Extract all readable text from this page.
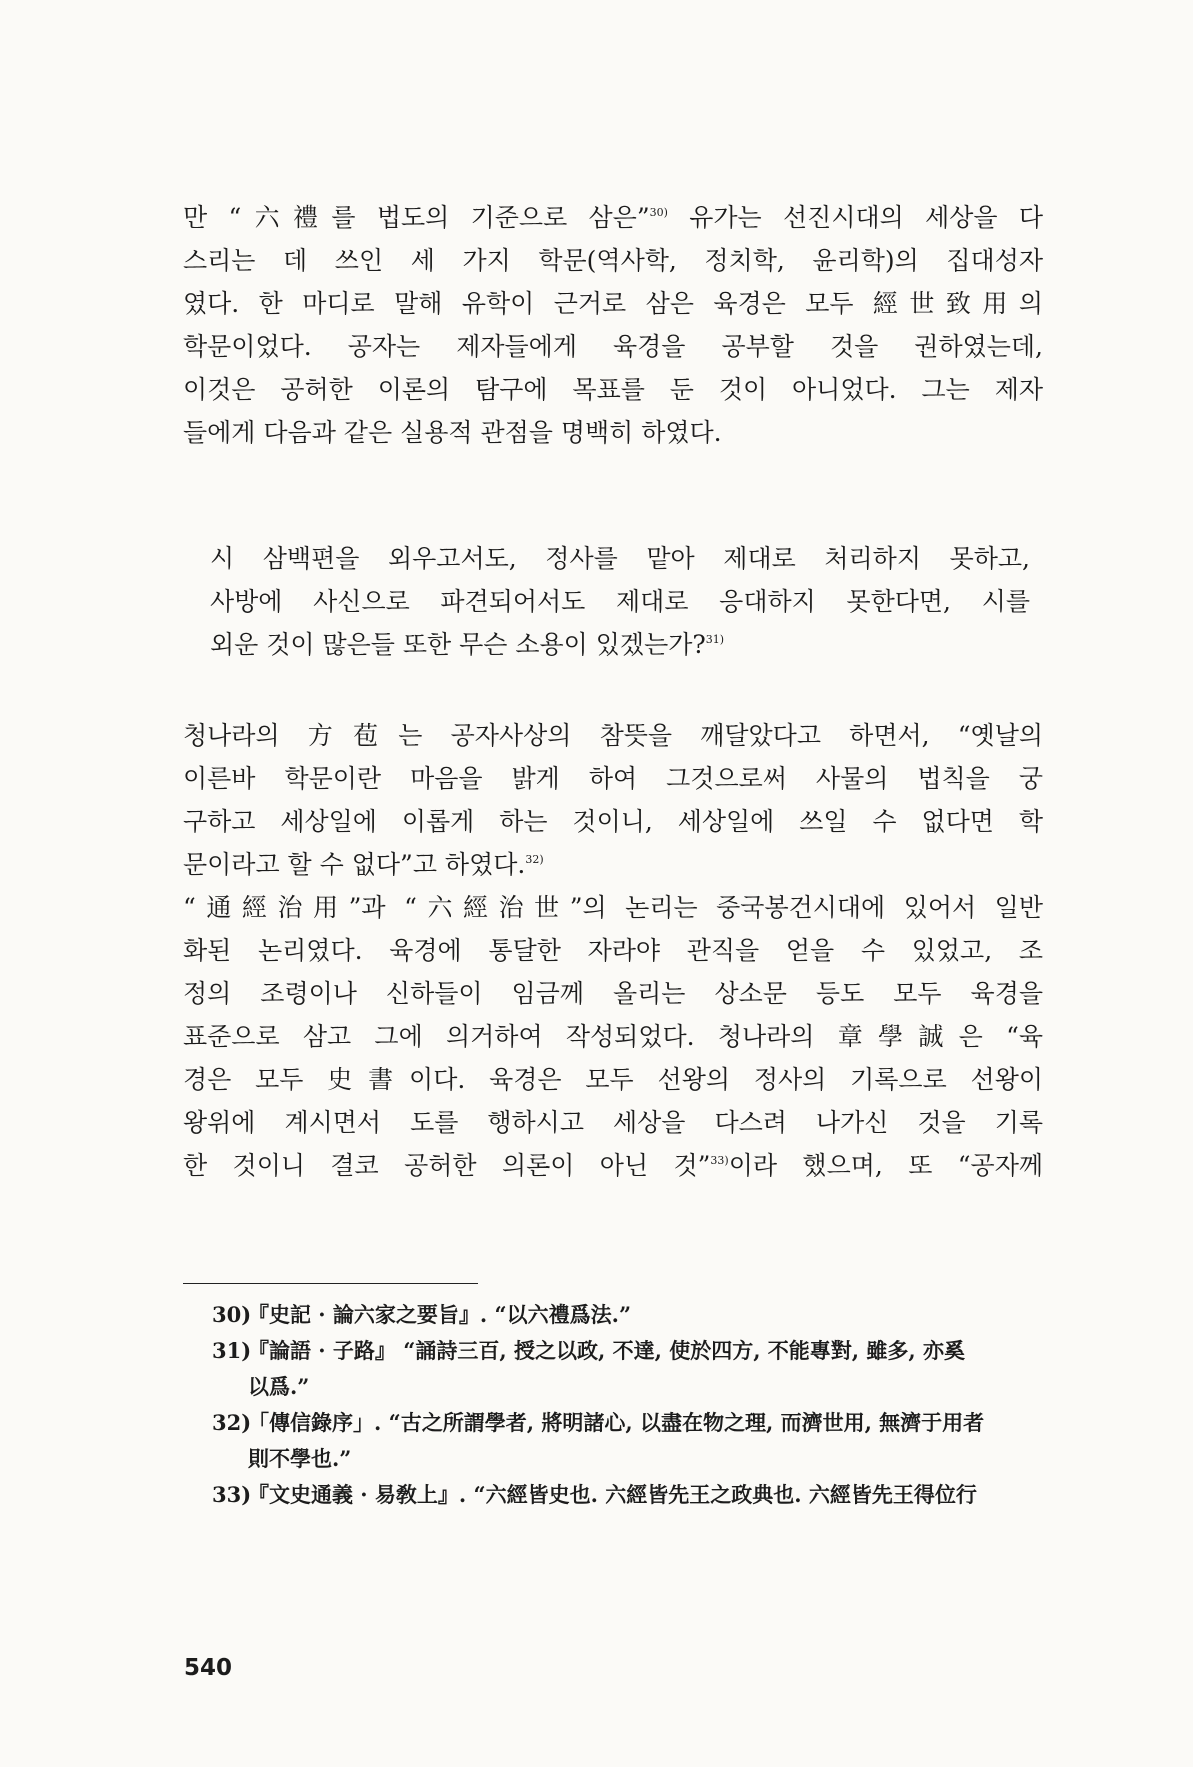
만 “六禮를 법도의 기준으로 삼은”$^{30)}$ 유가는 선진시대의 세상을 다
스리는 데 쓰인 세 가지 학문(역사학, 정치학, 윤리학)의 집대성자
였다. 한 마디로 말해 유학이 근거로 삼은 육경은 모두 經世致用의
학문이었다. 공자는 제자들에게 육경을 공부할 것을 권하였는데,
이것은 공허한 이론의 탐구에 목표를 둔 것이 아니었다. 그는 제자
들에게 다음과 같은 실용적 관점을 명백히 하였다.
시 삼백편을 외우고서도, 정사를 맡아 제대로 처리하지 못하고,
사방에 사신으로 파견되어서도 제대로 응대하지 못한다면, 시를
외운 것이 많은들 또한 무슨 소용이 있겠는가?$^{31)}$
청나라의 方苞는 공자사상의 참뜻을 깨달았다고 하면서, “옛날의
이른바 학문이란 마음을 밝게 하여 그것으로써 사물의 법칙을 궁
구하고 세상일에 이롭게 하는 것이니, 세상일에 쓰일 수 없다면 학
문이라고 할 수 없다”고 하였다.$^{32)}$
“通經治用”과 “六經治世”의 논리는 중국봉건시대에 있어서 일반
화된 논리였다. 육경에 통달한 자라야 관직을 얻을 수 있었고, 조
정의 조령이나 신하들이 임금께 올리는 상소문 등도 모두 육경을
표준으로 삼고 그에 의거하여 작성되었다. 청나라의 章學誠은 “육
경은 모두 史書이다. 육경은 모두 선왕의 정사의 기록으로 선왕이
왕위에 계시면서 도를 행하시고 세상을 다스려 나가신 것을 기록
한 것이니 결코 공허한 의론이 아닌 것”$^{33)}$이라 했으며, 또 “공자께
30)『史記 · 論六家之要旨』. “以六禮爲法.”
31)『論語 · 子路』 “誦詩三百, 授之以政, 不達, 使於四方, 不能專對, 雖多, 亦奚
以爲.”
32)「傳信錄序」. “古之所謂學者, 將明諸心, 以盡在物之理, 而濟世用, 無濟于用者
則不學也.”
33)『文史通義 · 易敎上』. “六經皆史也. 六經皆先王之政典也. 六經皆先王得位行
540
